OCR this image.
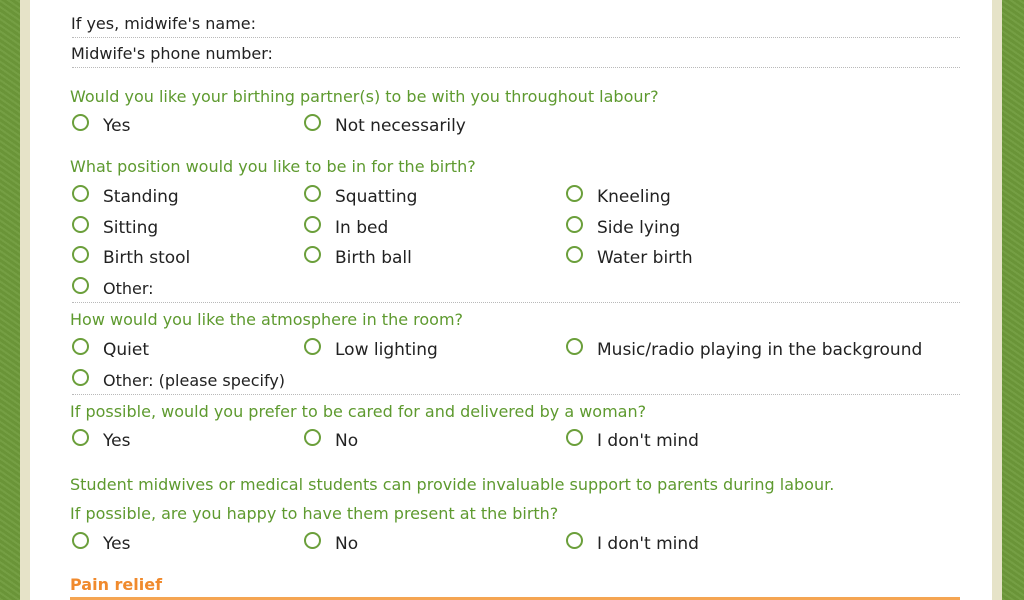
If yes, midwife's name:
Midwife's phone number:
Would you like your birthing partner(s) to be with you throughout labour?
Yes	Not necessarily
What position would you like to be in for the birth?
Standing	Squatting	Kneeling
Sitting	In bed	Side lying
Birth stool	Birth ball	Water birth
Other:
How would you like the atmosphere in the room?
Quiet	Low lighting	Music/radio playing in the background
Other: (please specify)
If possible, would you prefer to be cared for and delivered by a woman?
Yes	No	I don't mind
Student midwives or medical students can provide invaluable support to parents during labour.
If possible, are you happy to have them present at the birth?
Yes	No	I don't mind
Pain relief
